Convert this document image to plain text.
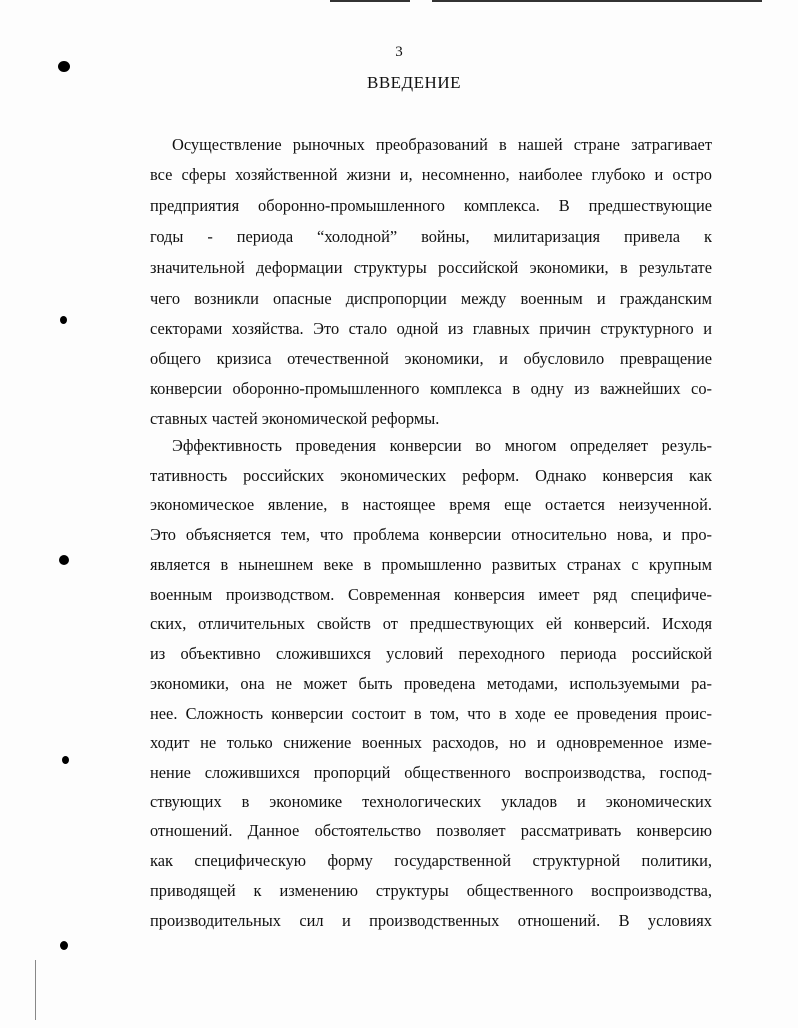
3
ВВЕДЕНИЕ
Осуществление рыночных преобразований в нашей стране затрагивает
все сферы хозяйственной жизни и, несомненно, наиболее глубоко и остро
предприятия оборонно-промышленного комплекса. В предшествующие
годы - периода “холодной” войны, милитаризация привела к
значительной деформации структуры российской экономики, в результате
чего возникли опасные диспропорции между военным и гражданским
секторами хозяйства. Это стало одной из главных причин структурного и
общего кризиса отечественной экономики, и обусловило превращение
конверсии оборонно-промышленного комплекса в одну из важнейших со-
ставных частей экономической реформы.
Эффективность проведения конверсии во многом определяет резуль-
тативность российских экономических реформ. Однако конверсия как
экономическое явление, в настоящее время еще остается неизученной.
Это объясняется тем, что проблема конверсии относительно нова, и про-
является в нынешнем веке в промышленно развитых странах с крупным
военным производством. Современная конверсия имеет ряд специфиче-
ских, отличительных свойств от предшествующих ей конверсий. Исходя
из объективно сложившихся условий переходного периода российской
экономики, она не может быть проведена методами, используемыми ра-
нее. Сложность конверсии состоит в том, что в ходе ее проведения проис-
ходит не только снижение военных расходов, но и одновременное изме-
нение сложившихся пропорций общественного воспроизводства, господ-
ствующих в экономике технологических укладов и экономических
отношений. Данное обстоятельство позволяет рассматривать конверсию
как специфическую форму государственной структурной политики,
приводящей к изменению структуры общественного воспроизводства,
производительных сил и производственных отношений. В условиях
